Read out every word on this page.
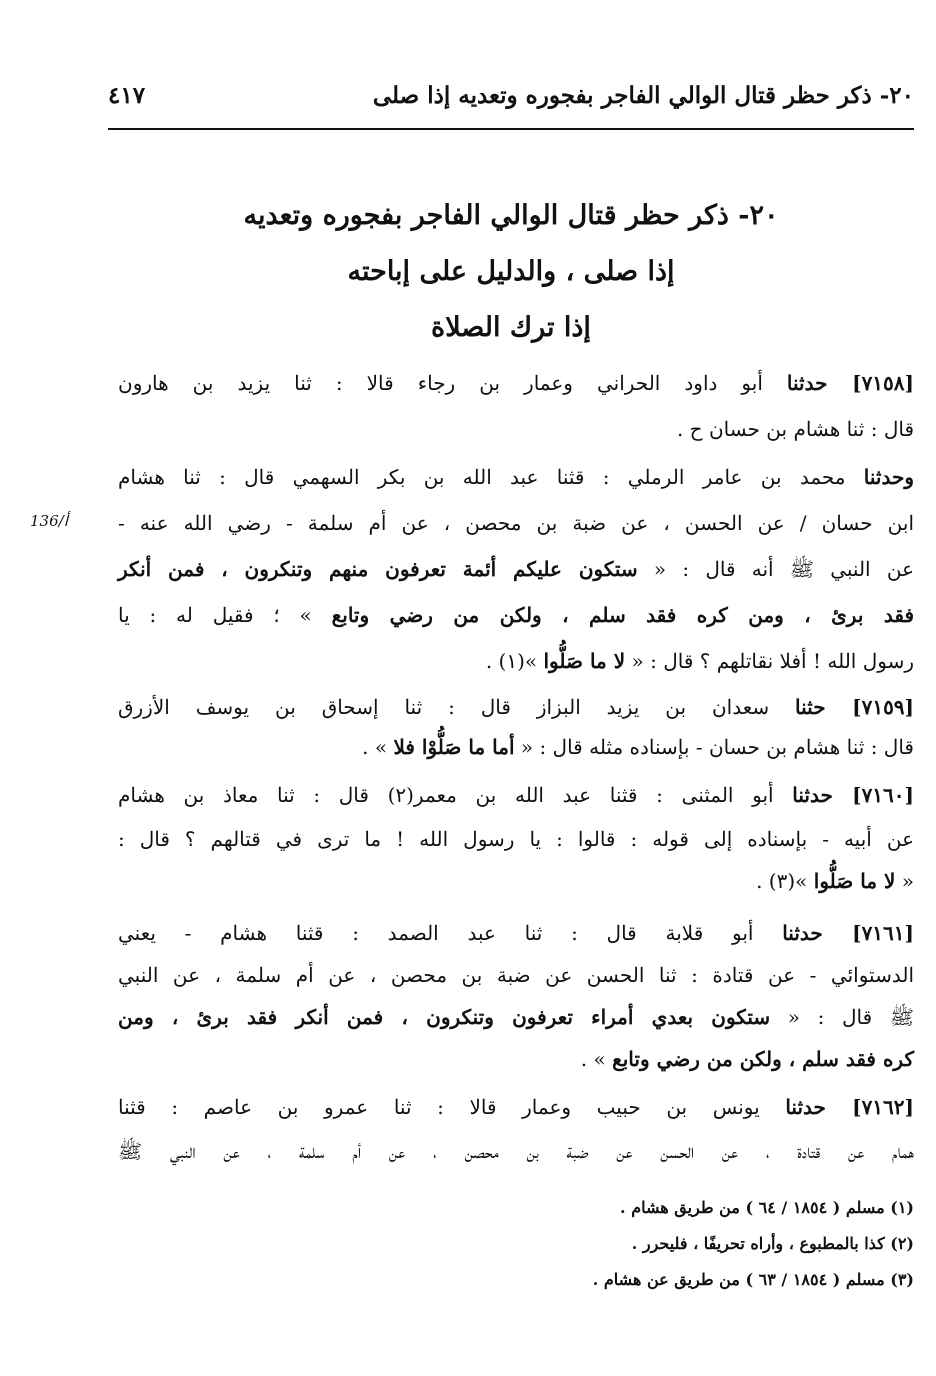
٢٠- ذكر حظر قتال الوالي الفاجر بفجوره وتعديه إذا صلى
٤١٧
٢٠- ذكر حظر قتال الوالي الفاجر بفجوره وتعديه
إذا صلى ، والدليل على إباحته
إذا ترك الصلاة
136/أ
[٧١٥٨] حدثنا أبو داود الحراني وعمار بن رجاء قالا : ثنا يزيد بن هارون
قال : ثنا هشام بن حسان ح .
وحدثنا محمد بن عامر الرملي : قثنا عبد الله بن بكر السهمي قال : ثنا هشام
ابن حسان / عن الحسن ، عن ضبة بن محصن ، عن أم سلمة - رضي الله عنه -
عن النبي ﷺ أنه قال : « ستكون عليكم أئمة تعرفون منهم وتنكرون ، فمن أنكر
فقد برئ ، ومن كره فقد سلم ، ولكن من رضي وتابع » ؛ فقيل له : يا
رسول الله ! أفلا نقاتلهم ؟ قال : « لا ما صَلُّوا »(١) .
[٧١٥٩] حثنا سعدان بن يزيد البزاز قال : ثنا إسحاق بن يوسف الأزرق
قال : ثنا هشام بن حسان - بإسناده مثله قال : « أما ما صَلُّوْا فلا » .
[٧١٦٠] حدثنا أبو المثنى : قثنا عبد الله بن معمر(٢) قال : ثنا معاذ بن هشام
عن أبيه - بإسناده إلى قوله : قالوا : يا رسول الله ! ما ترى في قتالهم ؟ قال :
« لا ما صَلُّوا »(٣) .
[٧١٦١] حدثنا أبو قلابة قال : ثنا عبد الصمد : قثنا هشام - يعني
الدستوائي - عن قتادة : ثنا الحسن عن ضبة بن محصن ، عن أم سلمة ، عن النبي
ﷺ قال : « ستكون بعدي أمراء تعرفون وتنكرون ، فمن أنكر فقد برئ ، ومن
كره فقد سلم ، ولكن من رضي وتابع » .
[٧١٦٢] حدثنا يونس بن حبيب وعمار قالا : ثنا عمرو بن عاصم : قثنا
همام عن قتادة ، عن الحسن عن ضبة بن محصن ، عن أم سلمة ، عن النبي ﷺ
(١) مسلم ( ١٨٥٤ / ٦٤ ) من طريق هشام .
(٢) كذا بالمطبوع ، وأراه تحريفًا ، فليحرر .
(٣) مسلم ( ١٨٥٤ / ٦٣ ) من طريق عن هشام .
